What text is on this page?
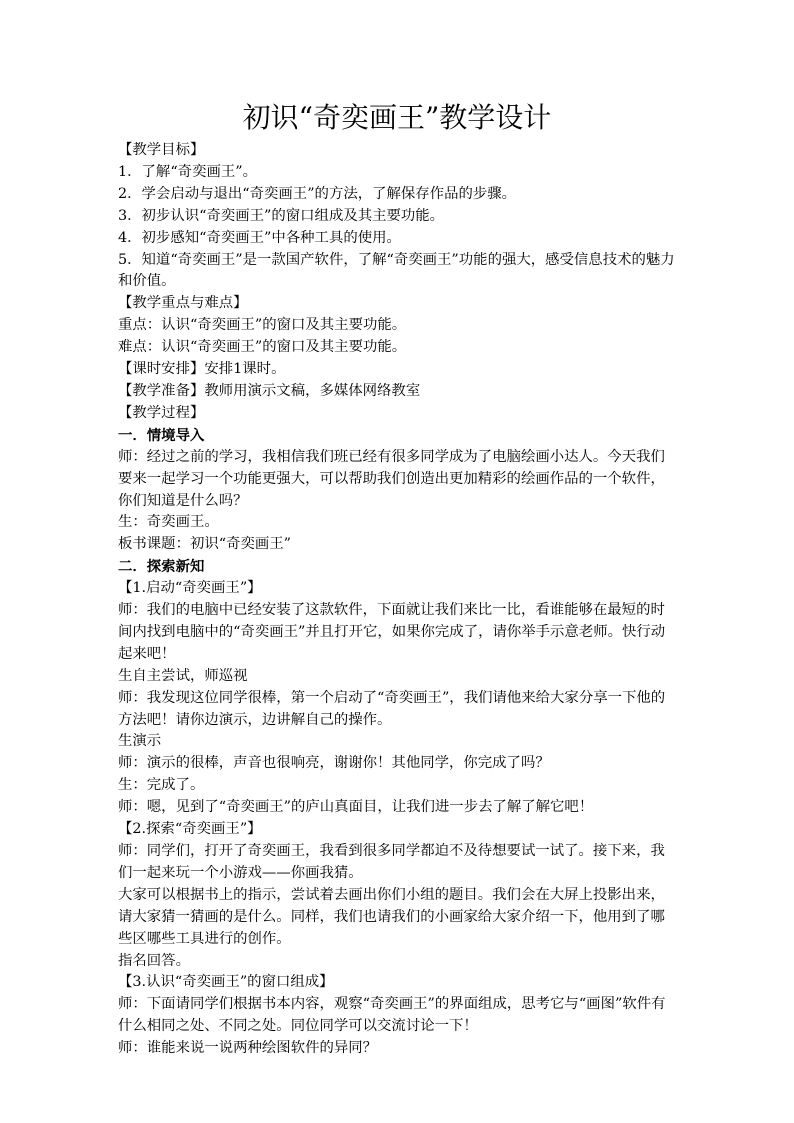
初识“奇奕画王”教学设计
【教学目标】
1．了解“奇奕画王”。
2．学会启动与退出“奇奕画王”的方法，了解保存作品的步骤。
3．初步认识“奇奕画王”的窗口组成及其主要功能。
4．初步感知“奇奕画王”中各种工具的使用。
5．知道“奇奕画王”是一款国产软件，了解“奇奕画王”功能的强大，感受信息技术的魅力和价值。
【教学重点与难点】
重点：认识“奇奕画王”的窗口及其主要功能。
难点：认识“奇奕画王”的窗口及其主要功能。
【课时安排】安排1课时。
【教学准备】教师用演示文稿，多媒体网络教室
【教学过程】
一．情境导入
师：经过之前的学习，我相信我们班已经有很多同学成为了电脑绘画小达人。今天我们要来一起学习一个功能更强大，可以帮助我们创造出更加精彩的绘画作品的一个软件，你们知道是什么吗？
生：奇奕画王。
板书课题：初识“奇奕画王”
二．探索新知
【1.启动“奇奕画王”】
师：我们的电脑中已经安装了这款软件，下面就让我们来比一比，看谁能够在最短的时间内找到电脑中的“奇奕画王”并且打开它，如果你完成了，请你举手示意老师。快行动起来吧！
生自主尝试，师巡视
师：我发现这位同学很棒，第一个启动了“奇奕画王”，我们请他来给大家分享一下他的方法吧！请你边演示，边讲解自己的操作。
生演示
师：演示的很棒，声音也很响亮，谢谢你！其他同学，你完成了吗？
生：完成了。
师：嗯，见到了“奇奕画王”的庐山真面目，让我们进一步去了解了解它吧！
【2.探索“奇奕画王”】
师：同学们，打开了奇奕画王，我看到很多同学都迫不及待想要试一试了。接下来，我们一起来玩一个小游戏——你画我猜。
大家可以根据书上的指示，尝试着去画出你们小组的题目。我们会在大屏上投影出来，请大家猜一猜画的是什么。同样，我们也请我们的小画家给大家介绍一下，他用到了哪些区哪些工具进行的创作。
指名回答。
【3.认识“奇奕画王”的窗口组成】
师：下面请同学们根据书本内容，观察“奇奕画王”的界面组成，思考它与“画图”软件有什么相同之处、不同之处。同位同学可以交流讨论一下！
师：谁能来说一说两种绘图软件的异同？
